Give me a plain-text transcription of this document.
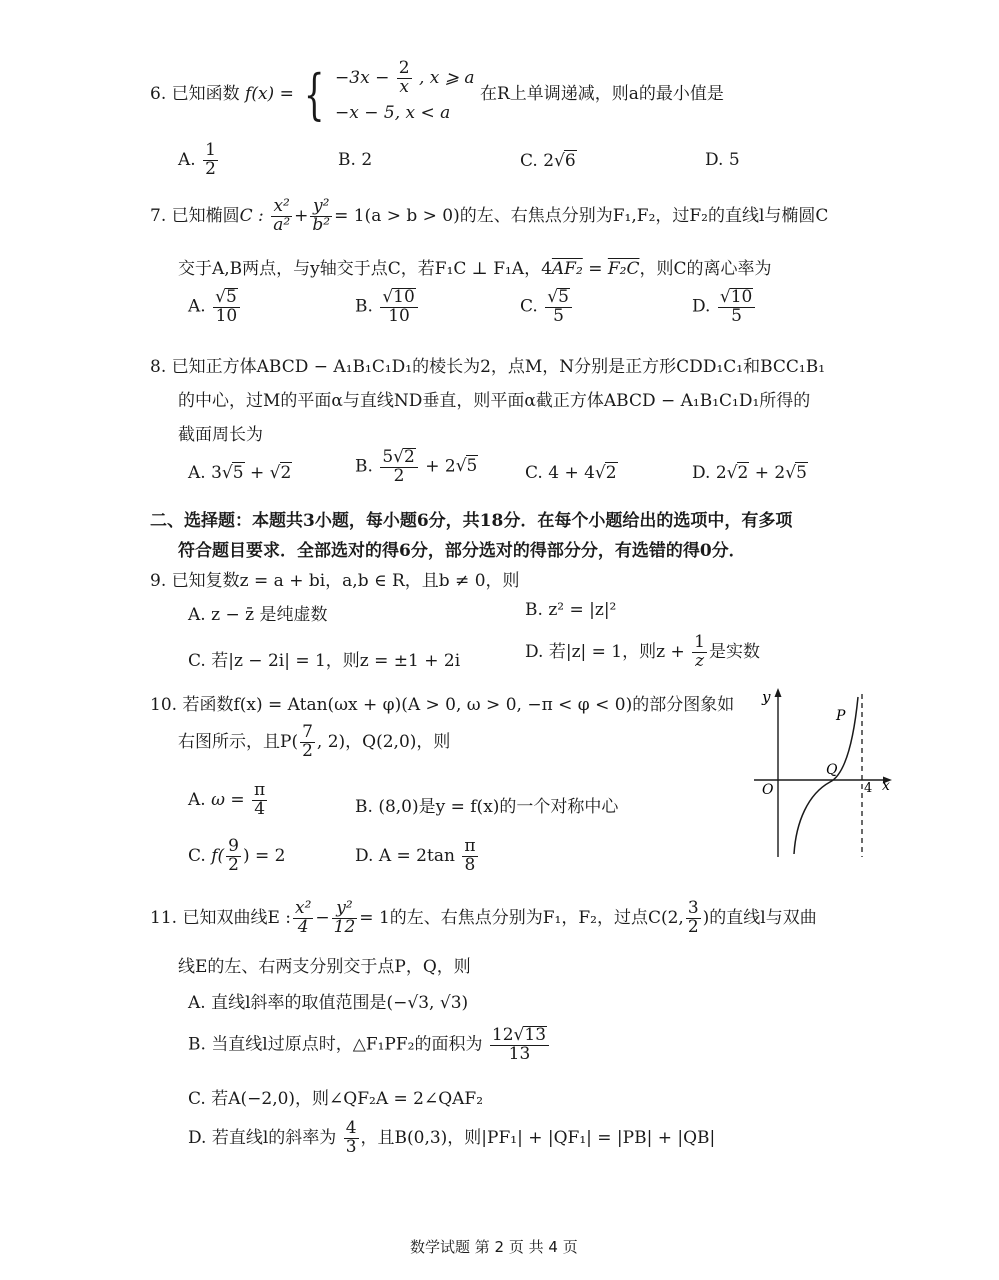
6. 已知函数 f(x) = { $-3x - \frac{2}{x}$ , x ⩾ a
−x − 5, x < a
在R上单调递减，则a的最小值是
A. $\frac{1}{2}$	B. 2	C. 2√6	D. 5
7. 已知椭圆C : $\frac{\text{x²}}{\text{a²}} + \frac{\text{y²}}{\text{b²}} = 1(a > b > 0)$的左、右焦点分别为F₁,F₂，过F₂的直线l与椭圆C
交于A,B两点，与y轴交于点C，若F₁C ⊥ F₁A，4AF₂ = F₂C，则C的离心率为
A. $\frac{√5}{10}$	B. $\frac{√10}{10}$	C. $\frac{√5}{5}$	D. $\frac{√10}{5}$
8. 已知正方体ABCD − A₁B₁C₁D₁的棱长为2，点M，N分别是正方形CDD₁C₁和BCC₁B₁
的中心，过M的平面α与直线ND垂直，则平面α截正方体ABCD − A₁B₁C₁D₁所得的
截面周长为
A. 3√5 + √2	B. $\frac{5√2}{2} + 2√5$	C. 4 + 4√2	D. 2√2 + 2√5
二、选择题：本题共3小题，每小题6分，共18分．在每个小题给出的选项中，有多项
符合题目要求．全部选对的得6分，部分选对的得部分分，有选错的得0分．
9. 已知复数z = a + bi，a,b ∈ R，且b ≠ 0，则
A. z − z̄ 是纯虚数	B. z² = |z|²
C. 若|z − 2i| = 1，则z = ±1 + 2i	D. 若|z| = 1，则$z + \frac{1}{z}$ 是实数
10. 若函数f(x) = Atan(ωx + φ)(A > 0, ω > 0, −π < φ < 0)的部分图象如
右图所示，且$P( \frac{7}{2}$ , 2)，Q(2,0)，则
A. $\omega = \frac{\pi}{4}$	B. (8,0)是y = f(x)的一个对称中心
C. $f( \frac{9}{2}$ ) = 2	D. $A = 2\tan \frac{\pi}{8}$
y
x
O
Q
P
4
11. 已知双曲线E : $\frac{\text{x²}}{4} - \frac{\text{y²}}{12} = 1$的左、右焦点分别为F₁，F₂，过点C(2, $\frac{3}{2}$ )的直线l与双曲
线E的左、右两支分别交于点P，Q，则
A. 直线l斜率的取值范围是(−√3, √3)
B. 当直线l过原点时，△F₁PF₂的面积为 $\frac{12√13}{13}$
C. 若A(−2,0)，则∠QF₂A = 2∠QAF₂
D. 若直线l的斜率为 $\frac{4}{3}$ ，且B(0,3)，则|PF₁| + |QF₁| = |PB| + |QB|
数学试题 第 2 页 共 4 页
